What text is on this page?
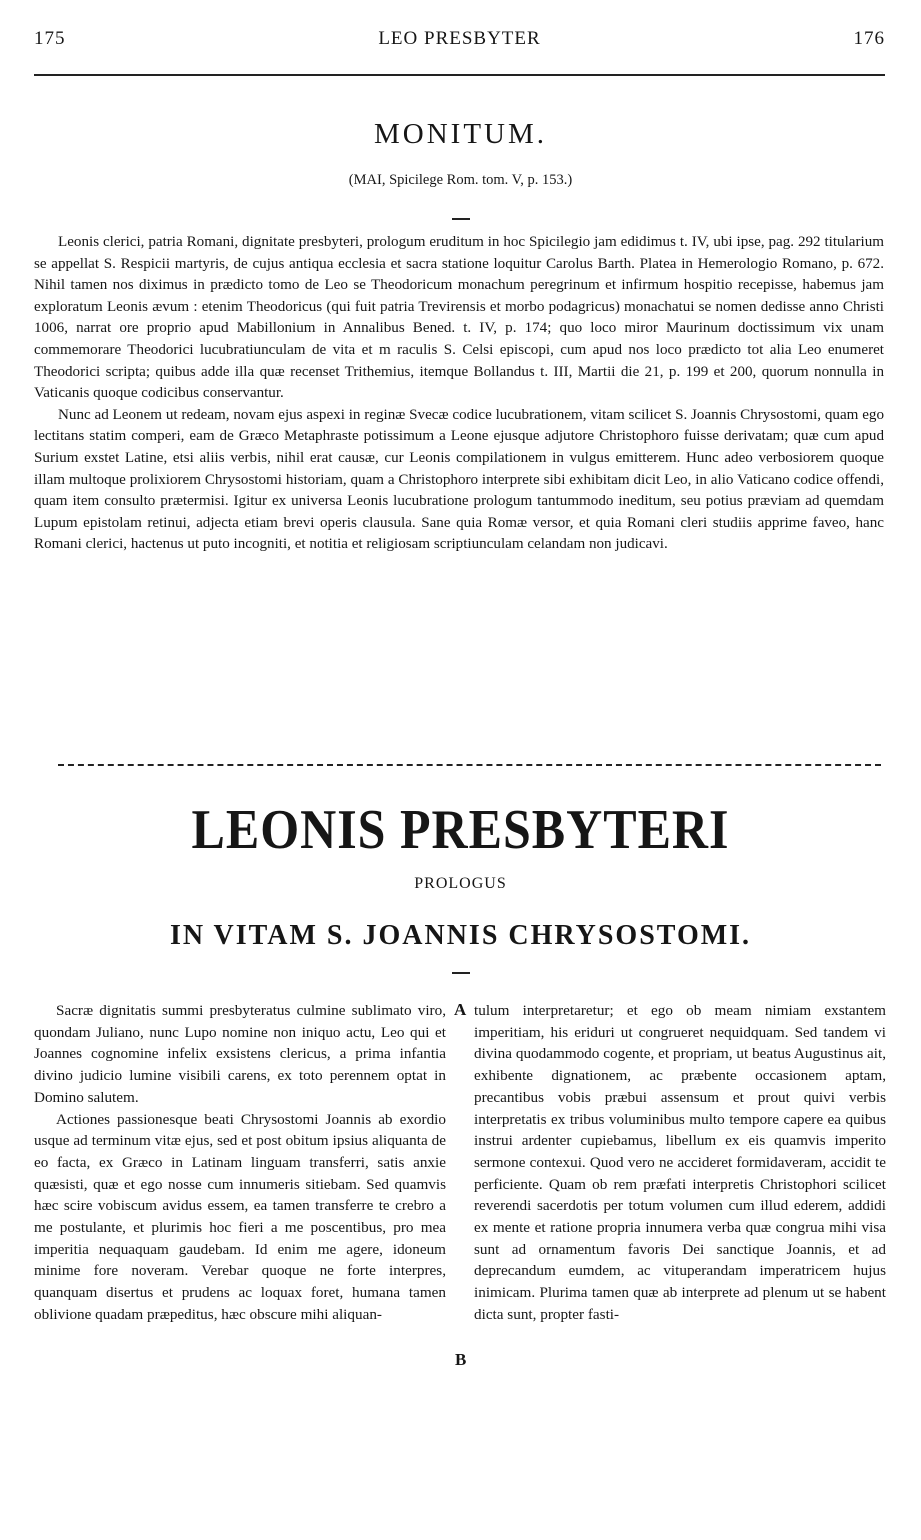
175	LEO PRESBYTER	176
MONITUM.
(MAI, Spicilege Rom. tom. V, p. 153.)

Leonis clerici, patria Romani, dignitate presbyteri, prologum eruditum in hoc Spicilegio jam edidimus t. IV, ubi ipse, pag. 292 titularium se appellat S. Respicii martyris, de cujus antiqua ecclesia et sacra statione loquitur Carolus Barth. Platea in Hemerologio Romano, p. 672. Nihil tamen nos diximus in prædicto tomo de Leo se Theodoricum monachum peregrinum et infirmum hospitio recepisse, habemus jam exploratum Leonis ævum : etenim Theodoricus (qui fuit patria Trevirensis et morbo podagricus) monachatui se nomen dedisse anno Christi 1006, narrat ore proprio apud Mabillonium in Annalibus Bened. t. IV, p. 174; quo loco miror Maurinum doctissimum vix unam commemorare Theodorici lucubratiunculam de vita et m raculis S. Celsi episcopi, cum apud nos loco prædicto tot alia Leo enumeret Theodorici scripta; quibus adde illa quæ recenset Trithemius, itemque Bollandus t. III, Martii die 21, p. 199 et 200, quorum nonnulla in Vaticanis quoque codicibus conservantur.

Nunc ad Leonem ut redeam, novam ejus aspexi in reginæ Svecæ codice lucubrationem, vitam scilicet S. Joannis Chrysostomi, quam ego lectitans statim comperi, eam de Græco Metaphraste potissimum a Leone ejusque adjutore Christophoro fuisse derivatam; quæ cum apud Surium exstet Latine, etsi aliis verbis, nihil erat causæ, cur Leonis compilationem in vulgus emitterem. Hunc adeo verbosiorem quoque illam multoque prolixiorem Chrysostomi historiam, quam a Christophoro interprete sibi exhibitam dicit Leo, in alio Vaticano codice offendi, quam item consulto prætermisi. Igitur ex universa Leonis lucubratione prologum tantummodo ineditum, seu potius præviam ad quemdam Lupum epistolam retinui, adjecta etiam brevi operis clausula. Sane quia Romæ versor, et quia Romani cleri studiis apprime faveo, hanc Romani clerici, hactenus ut puto incogniti, et notitia et religiosam scriptiunculam celandam non judicavi.

LEONIS PRESBYTERI
PROLOGUS
IN VITAM S. JOANNIS CHRYSOSTOMI.

Sacræ dignitatis summi presbyteratus culmine sublimato viro, quondam Juliano, nunc Lupo nomine non iniquo actu, Leo qui et Joannes cognomine infelix exsistens clericus, a prima infantia divino judicio lumine visibili carens, ex toto perennem optat in Domino salutem.

Actiones passionesque beati Chrysostomi Joannis ab exordio usque ad terminum vitæ ejus, sed et post obitum ipsius aliquanta de eo facta, ex Græco in Latinam linguam transferri, satis anxie quæsisti, quæ et ego nosse cum innumeris sitiebam. Sed quamvis hæc scire vobiscum avidus essem, ea tamen transferre te crebro a me postulante, et plurimis hoc fieri a me poscentibus, pro mea imperitia nequaquam gaudebam. Id enim me agere, idoneum minime fore noveram. Verebar quoque ne forte interpres, quanquam disertus et prudens ac loquax foret, humana tamen oblivione quadam præpeditus, hæc obscure mihi aliquan-

A
B

tulum interpretaretur; et ego ob meam nimiam exstantem imperitiam, his eriduri ut congrueret nequidquam. Sed tandem vi divina quodammodo cogente, et propriam, ut beatus Augustinus ait, exhibente dignationem, ac præbente occasionem aptam, precantibus vobis præbui assensum et prout quivi verbis interpretatis ex tribus voluminibus multo tempore capere ea quibus instrui ardenter cupiebamus, libellum ex eis quamvis imperito sermone contexui. Quod vero ne accideret formidaveram, accidit te perficiente. Quam ob rem præfati interpretis Christophori scilicet reverendi sacerdotis per totum volumen cum illud ederem, addidi ex mente et ratione propria innumera verba quæ congrua mihi visa sunt ad ornamentum favoris Dei sanctique Joannis, et ad deprecandum eumdem, ac vituperandam imperatricem hujus inimicam. Plurima tamen quæ ab interprete ad plenum ut se habent dicta sunt, propter fasti-
